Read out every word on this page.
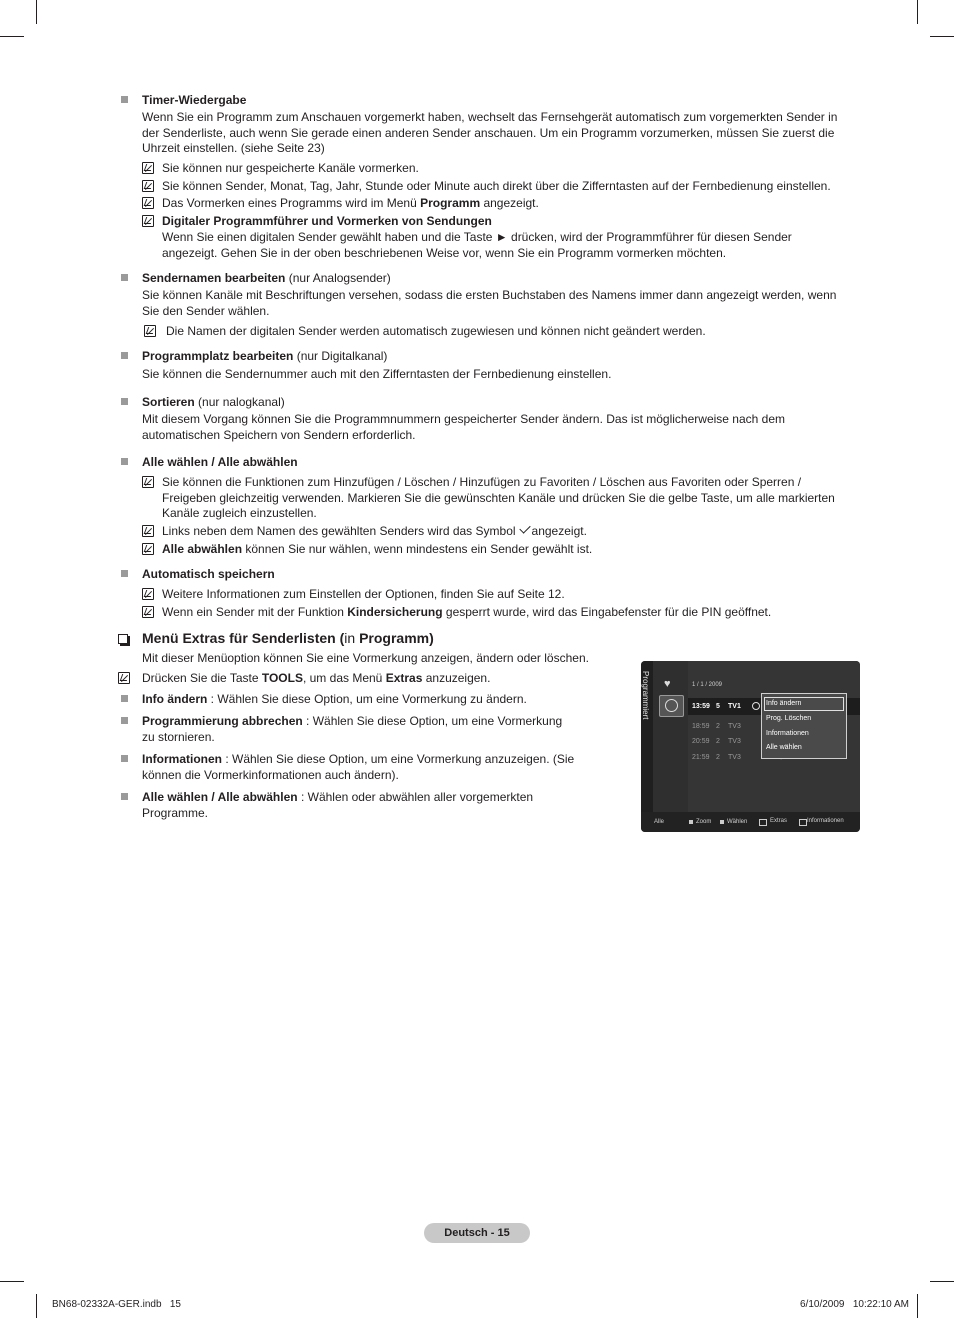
Timer-Wiedergabe
Wenn Sie ein Programm zum Anschauen vorgemerkt haben, wechselt das Fernsehgerät automatisch zum vorgemerkten Sender in
der Senderliste, auch wenn Sie gerade einen anderen Sender anschauen. Um ein Programm vorzumerken, müssen Sie zuerst die
Uhrzeit einstellen. (siehe Seite 23)
Sie können nur gespeicherte Kanäle vormerken.
Sie können Sender, Monat, Tag, Jahr, Stunde oder Minute auch direkt über die Zifferntasten auf der Fernbedienung einstellen.
Das Vormerken eines Programms wird im Menü Programm angezeigt.
Digitaler Programmführer und Vormerken von Sendungen
Wenn Sie einen digitalen Sender gewählt haben und die Taste ► drücken, wird der Programmführer für diesen Sender
angezeigt. Gehen Sie in der oben beschriebenen Weise vor, wenn Sie ein Programm vormerken möchten.
Sendernamen bearbeiten (nur Analogsender)
Sie können Kanäle mit Beschriftungen versehen, sodass die ersten Buchstaben des Namens immer dann angezeigt werden, wenn
Sie den Sender wählen.
Die Namen der digitalen Sender werden automatisch zugewiesen und können nicht geändert werden.
Programmplatz bearbeiten (nur Digitalkanal)
Sie können die Sendernummer auch mit den Zifferntasten der Fernbedienung einstellen.
Sortieren (nur nalogkanal)
Mit diesem Vorgang können Sie die Programmnummern gespeicherter Sender ändern. Das ist möglicherweise nach dem
automatischen Speichern von Sendern erforderlich.
Alle wählen / Alle abwählen
Sie können die Funktionen zum Hinzufügen / Löschen / Hinzufügen zu Favoriten / Löschen aus Favoriten oder Sperren /
Freigeben gleichzeitig verwenden. Markieren Sie die gewünschten Kanäle und drücken Sie die gelbe Taste, um alle markierten
Kanäle zugleich einzustellen.
Links neben dem Namen des gewählten Senders wird das Symbol angezeigt.
Alle abwählen können Sie nur wählen, wenn mindestens ein Sender gewählt ist.
Automatisch speichern
Weitere Informationen zum Einstellen der Optionen, finden Sie auf Seite 12.
Wenn ein Sender mit der Funktion Kindersicherung gesperrt wurde, wird das Eingabefenster für die PIN geöffnet.
Menü Extras für Senderlisten (in Programm)
Mit dieser Menüoption können Sie eine Vormerkung anzeigen, ändern oder löschen.
Drücken Sie die Taste TOOLS, um das Menü Extras anzuzeigen.
Info ändern : Wählen Sie diese Option, um eine Vormerkung zu ändern.
Programmierung abbrechen : Wählen Sie diese Option, um eine Vormerkung
zu stornieren.
Informationen : Wählen Sie diese Option, um eine Vormerkung anzuzeigen. (Sie
können die Vormerkinformationen auch ändern).
Alle wählen / Alle abwählen : Wählen oder abwählen aller vorgemerkten
Programme.
Programmiert ♥	1 / 1 / 2009
13:59 5 TV1
18:59 2 TV3
20:59 2 TV3
21:59 2 TV3
Info ändern
Prog. Löschen
Informationen
Alle wählen
Alle	Zoom	Wählen	Extras	Informationen
Deutsch - 15
BN68-02332A-GER.indb   15	6/10/2009   10:22:10 AM
